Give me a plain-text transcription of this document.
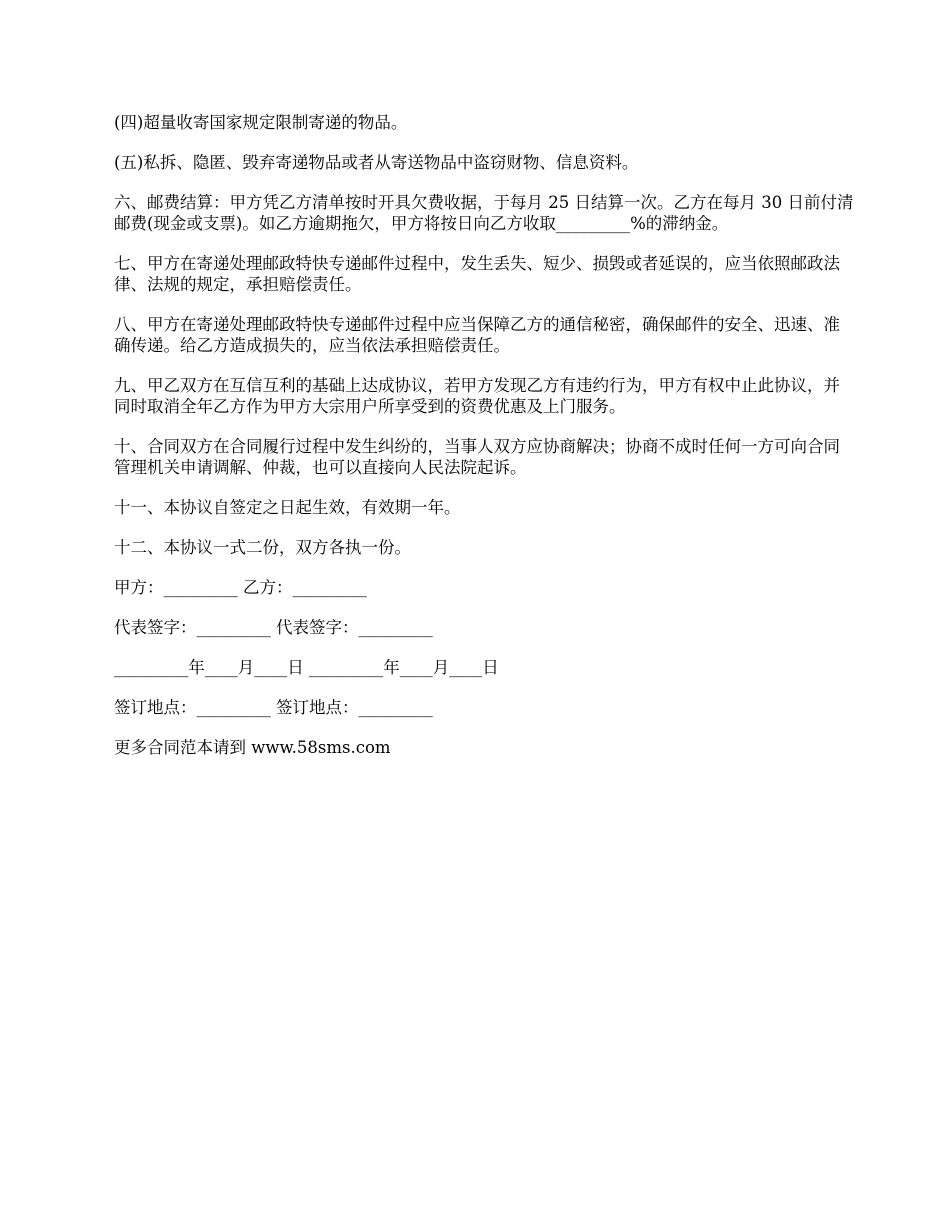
(四)超量收寄国家规定限制寄递的物品。

(五)私拆、隐匿、毁弃寄递物品或者从寄送物品中盗窃财物、信息资料。

六、邮费结算：甲方凭乙方清单按时开具欠费收据，于每月 25 日结算一次。乙方在每月 30 日前付清邮费(现金或支票)。如乙方逾期拖欠，甲方将按日向乙方收取_________%的滞纳金。

七、甲方在寄递处理邮政特快专递邮件过程中，发生丢失、短少、损毁或者延误的，应当依照邮政法律、法规的规定，承担赔偿责任。

八、甲方在寄递处理邮政特快专递邮件过程中应当保障乙方的通信秘密，确保邮件的安全、迅速、准确传递。给乙方造成损失的，应当依法承担赔偿责任。

九、甲乙双方在互信互利的基础上达成协议，若甲方发现乙方有违约行为，甲方有权中止此协议，并同时取消全年乙方作为甲方大宗用户所享受到的资费优惠及上门服务。

十、合同双方在合同履行过程中发生纠纷的，当事人双方应协商解决；协商不成时任何一方可向合同管理机关申请调解、仲裁，也可以直接向人民法院起诉。

十一、本协议自签定之日起生效，有效期一年。

十二、本协议一式二份，双方各执一份。

甲方：_________ 乙方：_________

代表签字：_________ 代表签字：_________

_________年____月____日 _________年____月____日

签订地点：_________ 签订地点：_________

更多合同范本请到 www.58sms.com
